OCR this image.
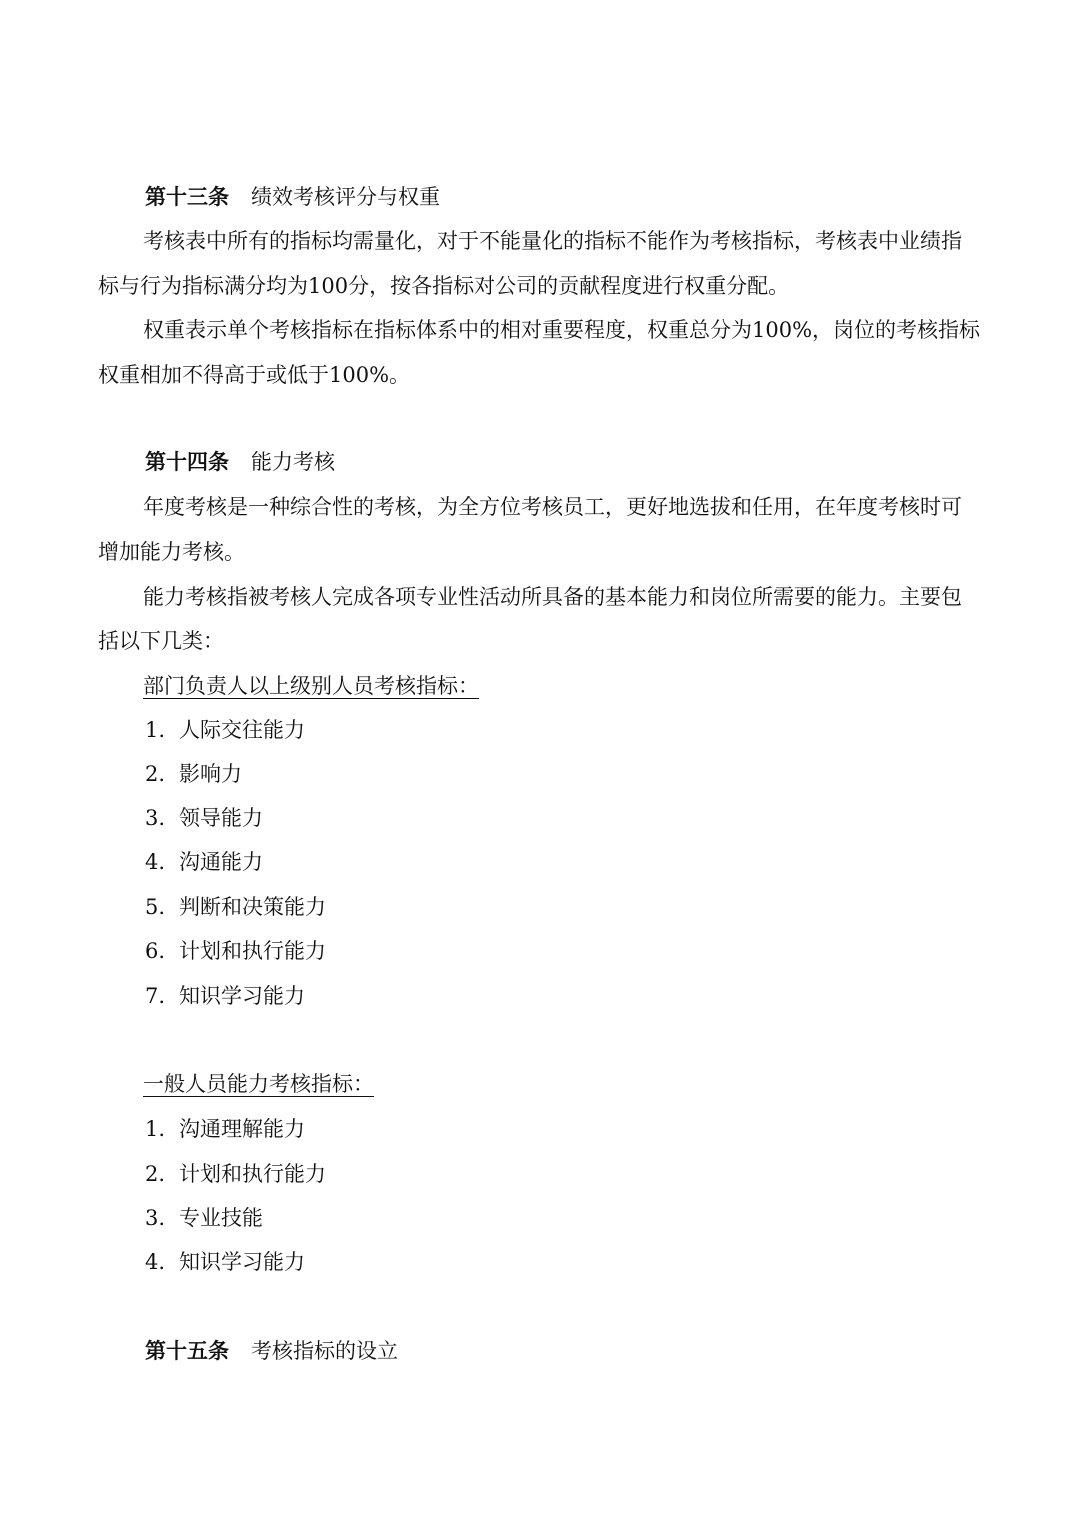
第十三条 绩效考核评分与权重
考核表中所有的指标均需量化，对于不能量化的指标不能作为考核指标，考核表中业绩指
标与行为指标满分均为100分，按各指标对公司的贡献程度进行权重分配。
权重表示单个考核指标在指标体系中的相对重要程度，权重总分为100%，岗位的考核指标
权重相加不得高于或低于100%。
第十四条 能力考核
年度考核是一种综合性的考核，为全方位考核员工，更好地选拔和任用，在年度考核时可
增加能力考核。
能力考核指被考核人完成各项专业性活动所具备的基本能力和岗位所需要的能力。主要包
括以下几类：
部门负责人以上级别人员考核指标：
1. 人际交往能力
2. 影响力
3. 领导能力
4. 沟通能力
5. 判断和决策能力
6. 计划和执行能力
7. 知识学习能力
一般人员能力考核指标：
1. 沟通理解能力
2. 计划和执行能力
3. 专业技能
4. 知识学习能力
第十五条 考核指标的设立
